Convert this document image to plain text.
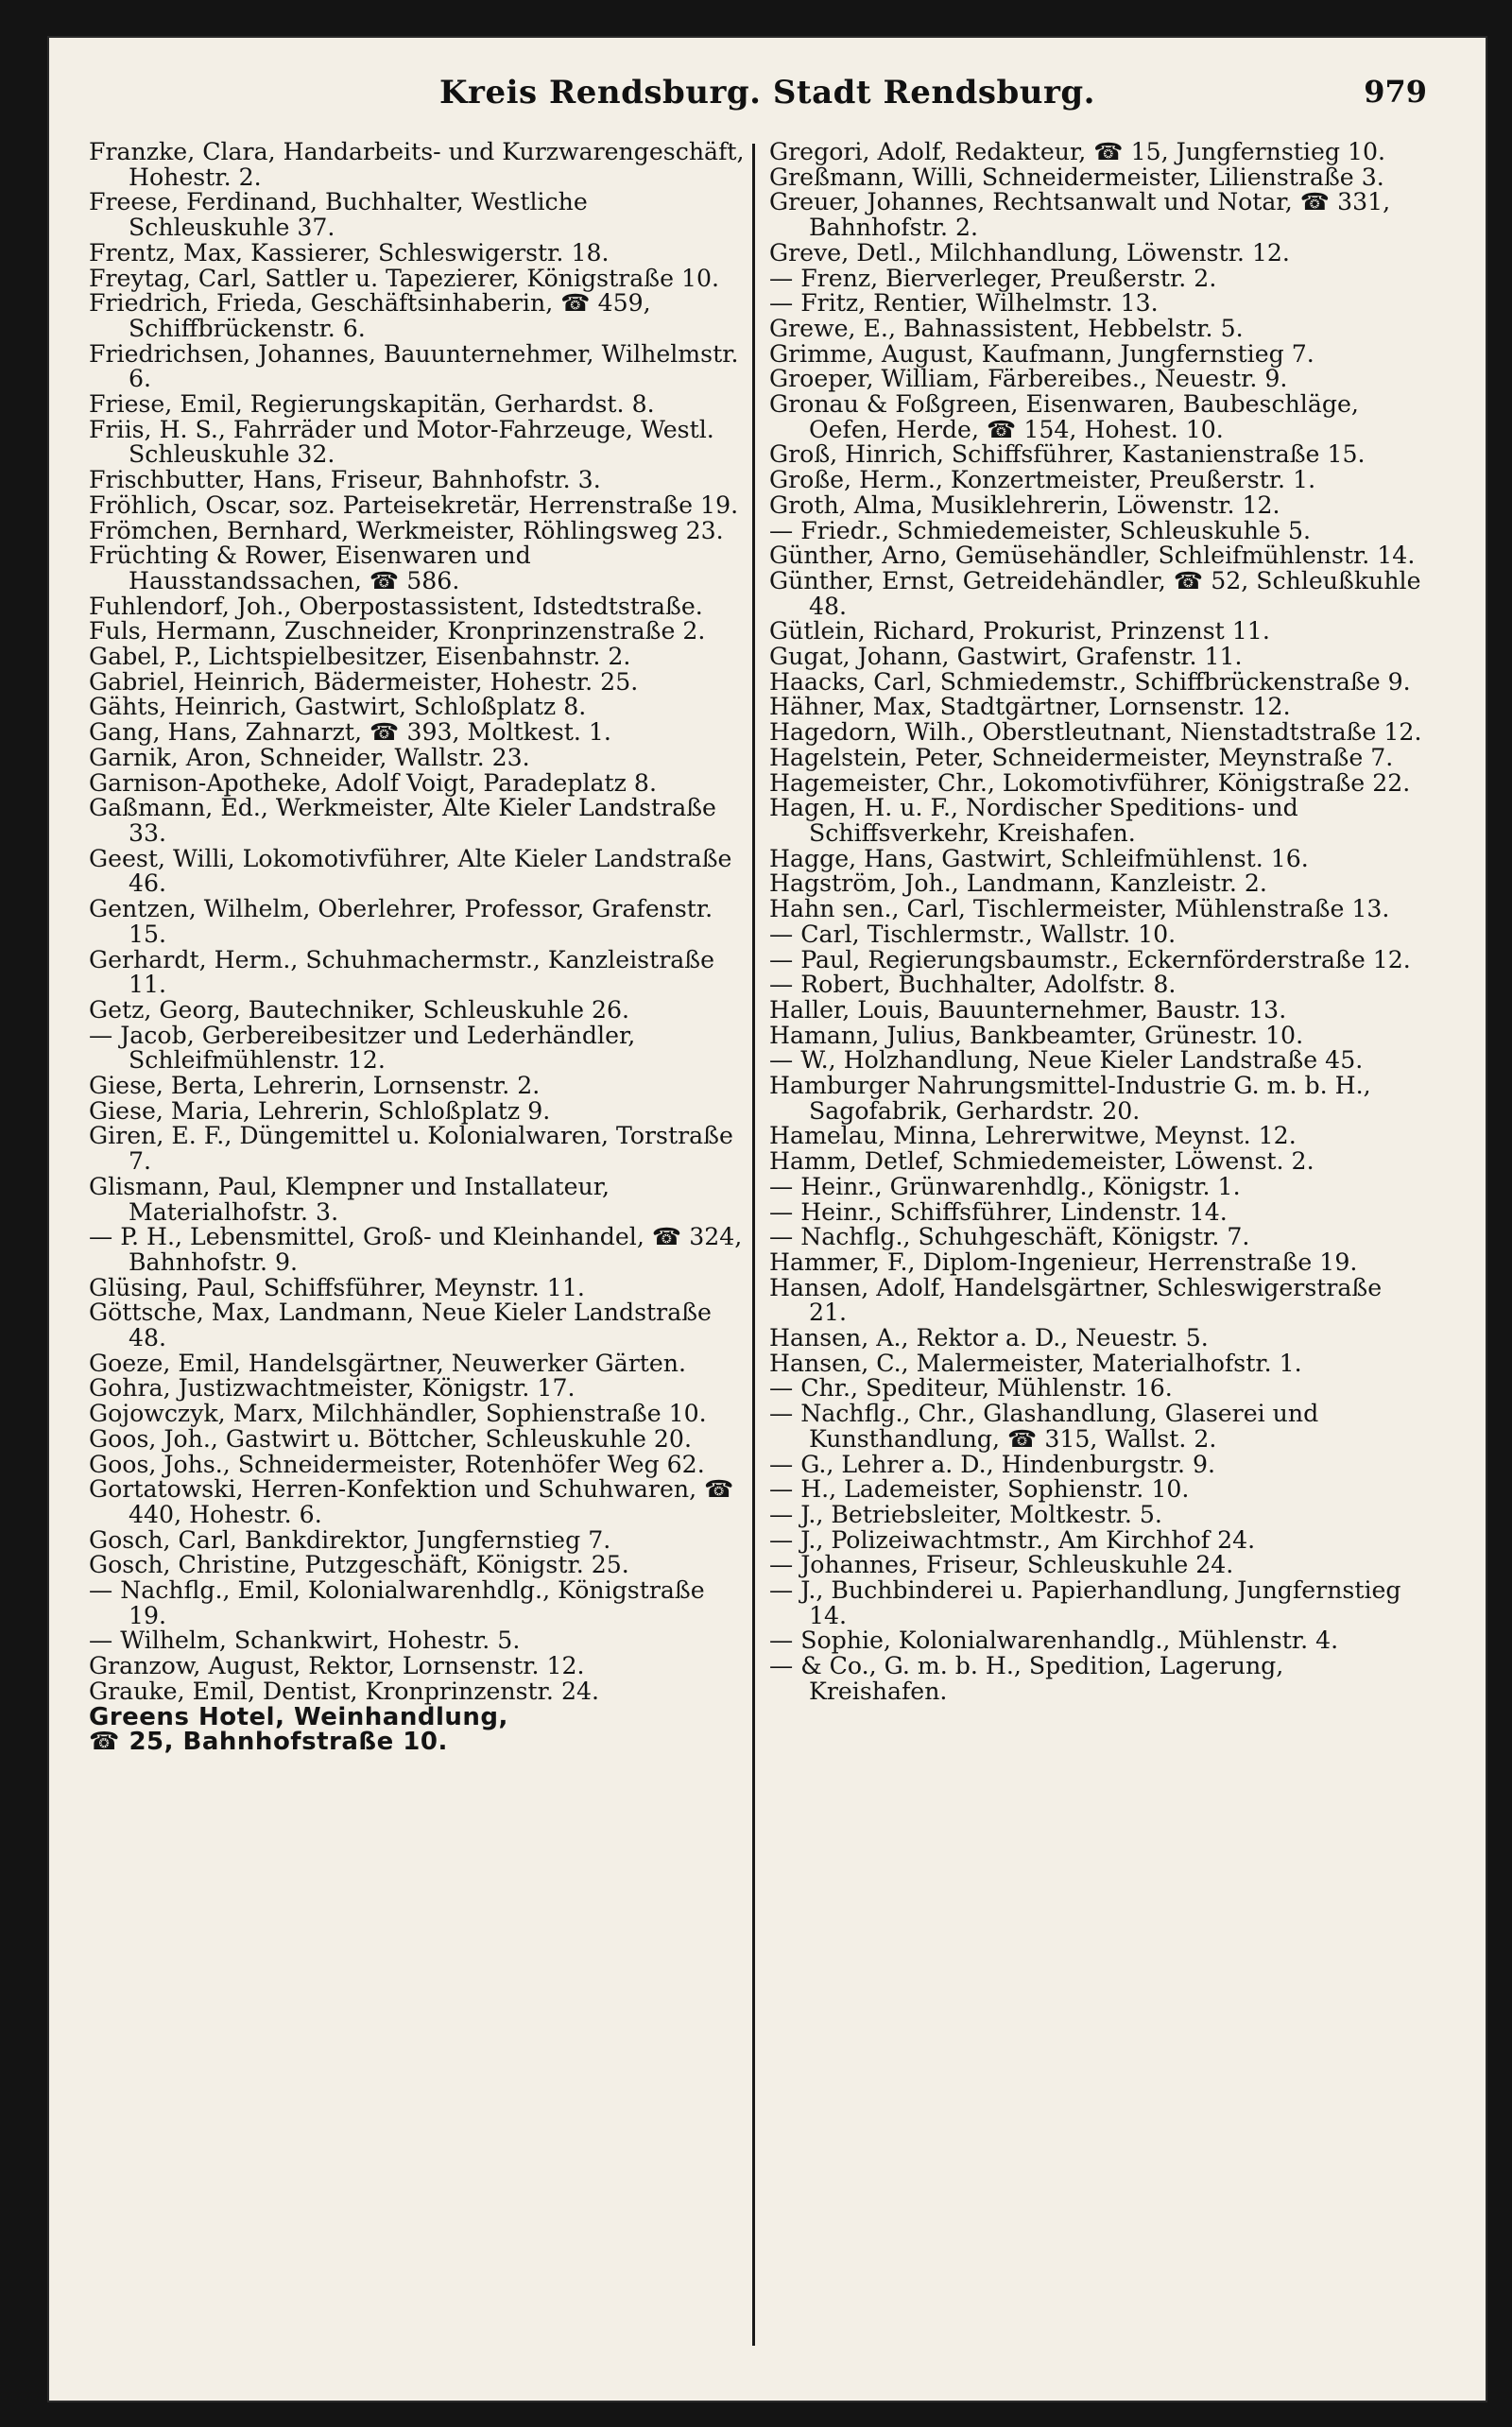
Kreis Rendsburg. Stadt Rendsburg.	979

Franzke, Clara, Handarbeits- und Kurzwarengeschäft, Hohestr. 2.

Freese, Ferdinand, Buchhalter, Westliche Schleuskuhle 37.

Frentz, Max, Kassierer, Schleswigerstr. 18.

Freytag, Carl, Sattler u. Tapezierer, Königstraße 10.

Friedrich, Frieda, Geschäftsinhaberin, ☎ 459, Schiffbrückenstr. 6.

Friedrichsen, Johannes, Bauunternehmer, Wilhelmstr. 6.

Friese, Emil, Regierungskapitän, Gerhardst. 8.

Friis, H. S., Fahrräder und Motor-Fahrzeuge, Westl. Schleuskuhle 32.

Frischbutter, Hans, Friseur, Bahnhofstr. 3.

Fröhlich, Oscar, soz. Parteisekretär, Herrenstraße 19.

Frömchen, Bernhard, Werkmeister, Röhlingsweg 23.

Früchting & Rower, Eisenwaren und Hausstandssachen, ☎ 586.

Fuhlendorf, Joh., Oberpostassistent, Idstedtstraße.

Fuls, Hermann, Zuschneider, Kronprinzenstraße 2.

Gabel, P., Lichtspielbesitzer, Eisenbahnstr. 2.

Gabriel, Heinrich, Bädermeister, Hohestr. 25.

Gähts, Heinrich, Gastwirt, Schloßplatz 8.

Gang, Hans, Zahnarzt, ☎ 393, Moltkest. 1.

Garnik, Aron, Schneider, Wallstr. 23.

Garnison-Apotheke, Adolf Voigt, Paradeplatz 8.

Gaßmann, Ed., Werkmeister, Alte Kieler Landstraße 33.

Geest, Willi, Lokomotivführer, Alte Kieler Landstraße 46.

Gentzen, Wilhelm, Oberlehrer, Professor, Grafenstr. 15.

Gerhardt, Herm., Schuhmachermstr., Kanzleistraße 11.

Getz, Georg, Bautechniker, Schleuskuhle 26.

— Jacob, Gerbereibesitzer und Lederhändler, Schleifmühlenstr. 12.

Giese, Berta, Lehrerin, Lornsenstr. 2.

Giese, Maria, Lehrerin, Schloßplatz 9.

Giren, E. F., Düngemittel u. Kolonialwaren, Torstraße 7.

Glismann, Paul, Klempner und Installateur, Materialhofstr. 3.

— P. H., Lebensmittel, Groß- und Kleinhandel, ☎ 324, Bahnhofstr. 9.

Glüsing, Paul, Schiffsführer, Meynstr. 11.

Göttsche, Max, Landmann, Neue Kieler Landstraße 48.

Goeze, Emil, Handelsgärtner, Neuwerker Gärten.

Gohra, Justizwachtmeister, Königstr. 17.

Gojowczyk, Marx, Milchhändler, Sophienstraße 10.

Goos, Joh., Gastwirt u. Böttcher, Schleuskuhle 20.

Goos, Johs., Schneidermeister, Rotenhöfer Weg 62.

Gortatowski, Herren-Konfektion und Schuhwaren, ☎ 440, Hohestr. 6.

Gosch, Carl, Bankdirektor, Jungfernstieg 7.

Gosch, Christine, Putzgeschäft, Königstr. 25.

— Nachflg., Emil, Kolonialwarenhdlg., Königstraße 19.

— Wilhelm, Schankwirt, Hohestr. 5.

Granzow, August, Rektor, Lornsenstr. 12.

Grauke, Emil, Dentist, Kronprinzenstr. 24.

Greens Hotel, Weinhandlung,

☎ 25, Bahnhofstraße 10.

Gregori, Adolf, Redakteur, ☎ 15, Jungfernstieg 10.

Greßmann, Willi, Schneidermeister, Lilienstraße 3.

Greuer, Johannes, Rechtsanwalt und Notar, ☎ 331, Bahnhofstr. 2.

Greve, Detl., Milchhandlung, Löwenstr. 12.

— Frenz, Bierverleger, Preußerstr. 2.

— Fritz, Rentier, Wilhelmstr. 13.

Grewe, E., Bahnassistent, Hebbelstr. 5.

Grimme, August, Kaufmann, Jungfernstieg 7.

Groeper, William, Färbereibes., Neuestr. 9.

Gronau & Foßgreen, Eisenwaren, Baubeschläge, Oefen, Herde, ☎ 154, Hohest. 10.

Groß, Hinrich, Schiffsführer, Kastanienstraße 15.

Große, Herm., Konzertmeister, Preußerstr. 1.

Groth, Alma, Musiklehrerin, Löwenstr. 12.

— Friedr., Schmiedemeister, Schleuskuhle 5.

Günther, Arno, Gemüsehändler, Schleifmühlenstr. 14.

Günther, Ernst, Getreidehändler, ☎ 52, Schleußkuhle 48.

Gütlein, Richard, Prokurist, Prinzenst 11.

Gugat, Johann, Gastwirt, Grafenstr. 11.

Haacks, Carl, Schmiedemstr., Schiffbrückenstraße 9.

Hähner, Max, Stadtgärtner, Lornsenstr. 12.

Hagedorn, Wilh., Oberstleutnant, Nienstadtstraße 12.

Hagelstein, Peter, Schneidermeister, Meynstraße 7.

Hagemeister, Chr., Lokomotivführer, Königstraße 22.

Hagen, H. u. F., Nordischer Speditions- und Schiffsverkehr, Kreishafen.

Hagge, Hans, Gastwirt, Schleifmühlenst. 16.

Hagström, Joh., Landmann, Kanzleistr. 2.

Hahn sen., Carl, Tischlermeister, Mühlenstraße 13.

— Carl, Tischlermstr., Wallstr. 10.

— Paul, Regierungsbaumstr., Eckernförderstraße 12.

— Robert, Buchhalter, Adolfstr. 8.

Haller, Louis, Bauunternehmer, Baustr. 13.

Hamann, Julius, Bankbeamter, Grünestr. 10.

— W., Holzhandlung, Neue Kieler Landstraße 45.

Hamburger Nahrungsmittel-Industrie G. m. b. H., Sagofabrik, Gerhardstr. 20.

Hamelau, Minna, Lehrerwitwe, Meynst. 12.

Hamm, Detlef, Schmiedemeister, Löwenst. 2.

— Heinr., Grünwarenhdlg., Königstr. 1.

— Heinr., Schiffsführer, Lindenstr. 14.

— Nachflg., Schuhgeschäft, Königstr. 7.

Hammer, F., Diplom-Ingenieur, Herrenstraße 19.

Hansen, Adolf, Handelsgärtner, Schleswigerstraße 21.

Hansen, A., Rektor a. D., Neuestr. 5.

Hansen, C., Malermeister, Materialhofstr. 1.

— Chr., Spediteur, Mühlenstr. 16.

— Nachflg., Chr., Glashandlung, Glaserei und Kunsthandlung, ☎ 315, Wallst. 2.

— G., Lehrer a. D., Hindenburgstr. 9.

— H., Lademeister, Sophienstr. 10.

— J., Betriebsleiter, Moltkestr. 5.

— J., Polizeiwachtmstr., Am Kirchhof 24.

— Johannes, Friseur, Schleuskuhle 24.

— J., Buchbinderei u. Papierhandlung, Jungfernstieg 14.

— Sophie, Kolonialwarenhandlg., Mühlenstr. 4.

— & Co., G. m. b. H., Spedition, Lagerung, Kreishafen.
